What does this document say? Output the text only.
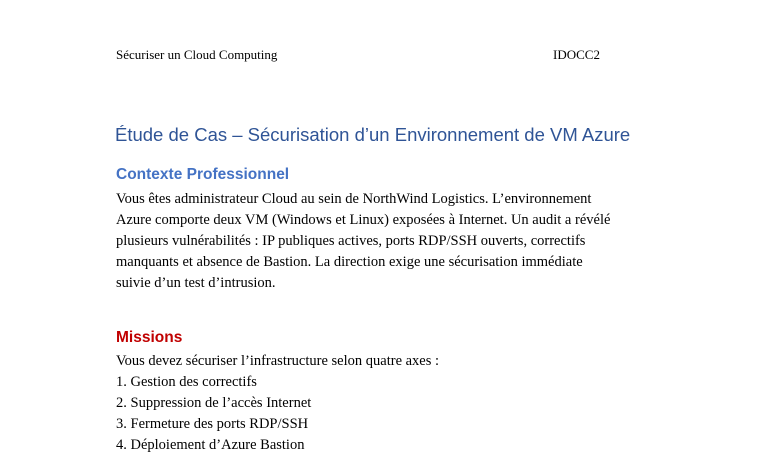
Sécuriser un Cloud Computing	IDOCC2
Étude de Cas – Sécurisation d’un Environnement de VM Azure
Contexte Professionnel
Vous êtes administrateur Cloud au sein de NorthWind Logistics. L’environnement
Azure comporte deux VM (Windows et Linux) exposées à Internet. Un audit a révélé
plusieurs vulnérabilités : IP publiques actives, ports RDP/SSH ouverts, correctifs
manquants et absence de Bastion. La direction exige une sécurisation immédiate
suivie d’un test d’intrusion.
Missions
Vous devez sécuriser l’infrastructure selon quatre axes :
1. Gestion des correctifs
2. Suppression de l’accès Internet
3. Fermeture des ports RDP/SSH
4. Déploiement d’Azure Bastion
